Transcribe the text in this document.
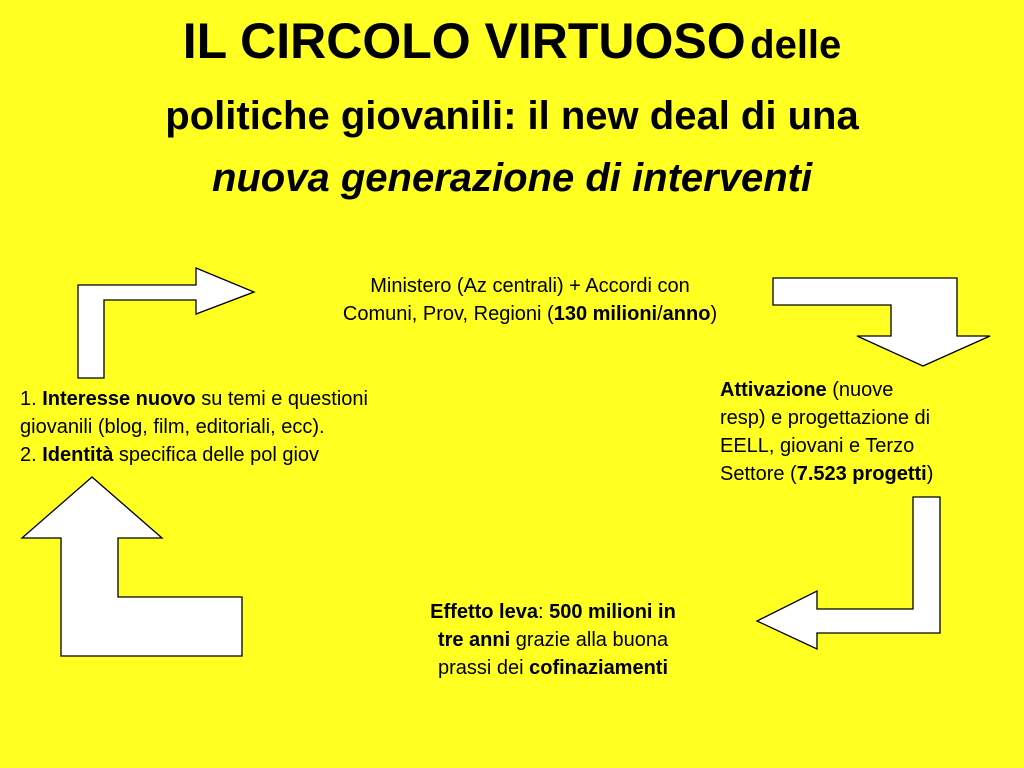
IL CIRCOLO VIRTUOSO delle
politiche giovanili: il new deal di una
nuova generazione di interventi
Ministero (Az centrali) + Accordi con
Comuni, Prov, Regioni (130 milioni/anno)
Attivazione (nuove
resp) e progettazione di
EELL, giovani e Terzo
Settore (7.523 progetti)
Effetto leva: 500 milioni in
tre anni grazie alla buona
prassi dei cofinaziamenti
1. Interesse nuovo su temi e questioni
giovanili (blog, film, editoriali, ecc).
2. Identità specifica delle pol giov
